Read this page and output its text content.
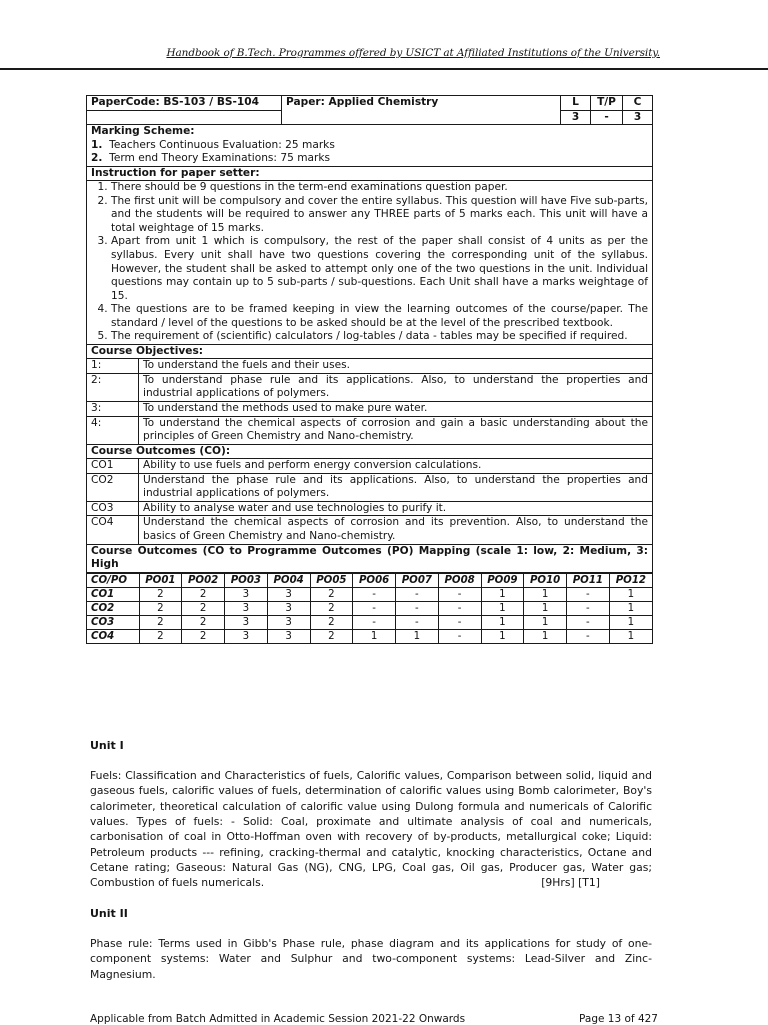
Handbook of B.Tech. Programmes offered by USICT at Affiliated Institutions of the University.
PaperCode: BS-103 / BS-104	Paper: Applied Chemistry	L	T/P	C
	3	-	3

Marking Scheme:
1. Teachers Continuous Evaluation: 25 marks
2. Term end Theory Examinations: 75 marks

Instruction for paper setter:

1. There should be 9 questions in the term-end examinations question paper.
2. The first unit will be compulsory and cover the entire syllabus. This question will have Five sub-parts, and the students will be required to answer any THREE parts of 5 marks each. This unit will have a total weightage of 15 marks.
3. Apart from unit 1 which is compulsory, the rest of the paper shall consist of 4 units as per the syllabus. Every unit shall have two questions covering the corresponding unit of the syllabus. However, the student shall be asked to attempt only one of the two questions in the unit. Individual questions may contain up to 5 sub-parts / sub-questions. Each Unit shall have a marks weightage of 15.
4. The questions are to be framed keeping in view the learning outcomes of the course/paper. The standard / level of the questions to be asked should be at the level of the prescribed textbook.
5. The requirement of (scientific) calculators / log-tables / data - tables may be specified if required.

Course Objectives:
1:	To understand the fuels and their uses.
2:	To understand phase rule and its applications. Also, to understand the properties and industrial applications of polymers.
3:	To understand the methods used to make pure water.
4:	To understand the chemical aspects of corrosion and gain a basic understanding about the principles of Green Chemistry and Nano-chemistry.
Course Outcomes (CO):
CO1	Ability to use fuels and perform energy conversion calculations.
CO2	Understand the phase rule and its applications. Also, to understand the properties and industrial applications of polymers.
CO3	Ability to analyse water and use technologies to purify it.
CO4	Understand the chemical aspects of corrosion and its prevention. Also, to understand the basics of Green Chemistry and Nano-chemistry.
Course Outcomes (CO to Programme Outcomes (PO) Mapping (scale 1: low, 2: Medium, 3: High

CO/PO	PO01	PO02	PO03	PO04	PO05	PO06	PO07	PO08	PO09	PO10	PO11	PO12
CO1	2	2	3	3	2	-	-	-	1	1	-	1
CO2	2	2	3	3	2	-	-	-	1	1	-	1
CO3	2	2	3	3	2	-	-	-	1	1	-	1
CO4	2	2	3	3	2	1	1	-	1	1	-	1
Unit I
Fuels: Classification and Characteristics of fuels, Calorific values, Comparison between solid, liquid and gaseous fuels, calorific values of fuels, determination of calorific values using Bomb calorimeter, Boy's calorimeter, theoretical calculation of calorific value using Dulong formula and numericals of Calorific values. Types of fuels: - Solid: Coal, proximate and ultimate analysis of coal and numericals, carbonisation of coal in Otto-Hoffman oven with recovery of by-products, metallurgical coke; Liquid: Petroleum products --- refining, cracking-thermal and catalytic, knocking characteristics, Octane and Cetane rating; Gaseous: Natural Gas (NG), CNG, LPG, Coal gas, Oil gas, Producer gas, Water gas; Combustion of fuels numericals.	[9Hrs] [T1]
Unit II
Phase rule: Terms used in Gibb's Phase rule, phase diagram and its applications for study of one-component systems: Water and Sulphur and two-component systems: Lead-Silver and Zinc-Magnesium.
Applicable from Batch Admitted in Academic Session 2021-22 Onwards	Page 13 of 427
